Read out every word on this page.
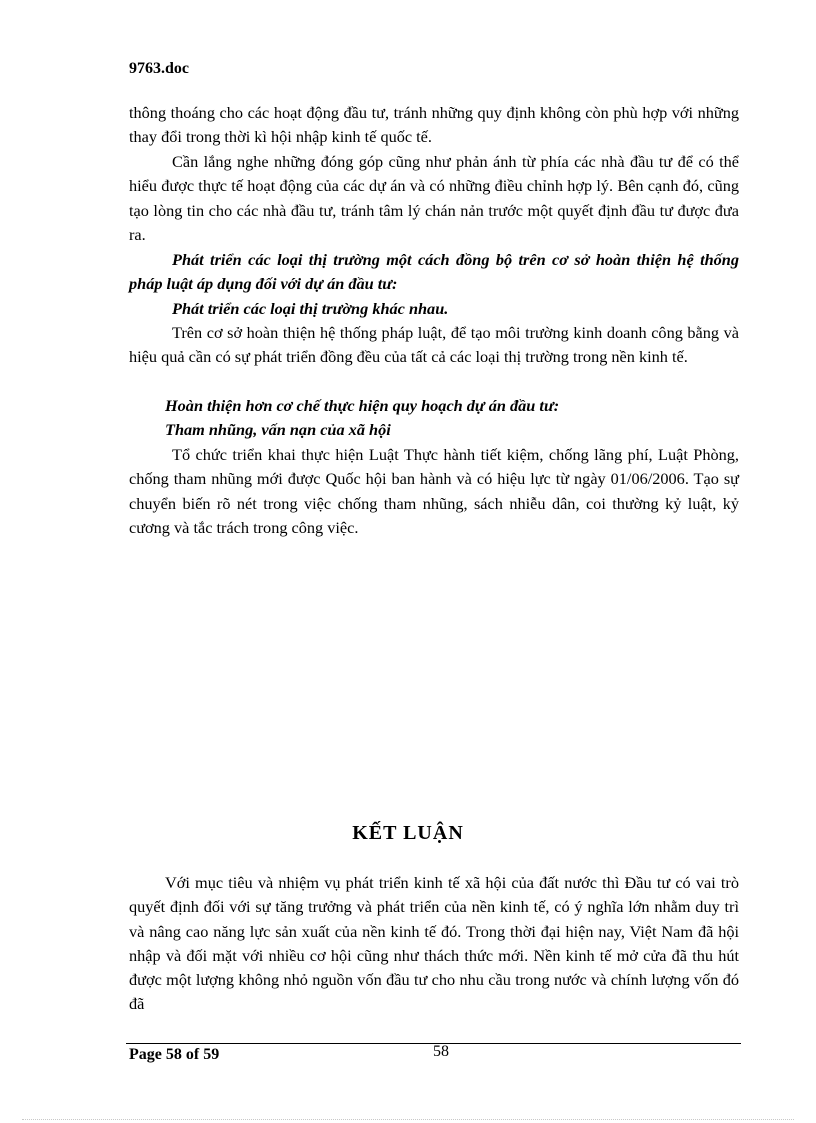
9763.doc

thông thoáng cho các hoạt động đầu tư, tránh những quy định không còn phù hợp với những thay đổi trong thời kì hội nhập kinh tế quốc tế.

Cần lắng nghe những đóng góp cũng như phản ánh từ phía các nhà đầu tư để có thể hiểu được thực tế hoạt động của các dự án và có những điều chỉnh hợp lý. Bên cạnh đó, cũng tạo lòng tin cho các nhà đầu tư, tránh tâm lý chán nản trước một quyết định đầu tư được đưa ra.

Phát triển các loại thị trường một cách đồng bộ trên cơ sở hoàn thiện hệ thống pháp luật áp dụng đối với dự án đầu tư:

Phát triển các loại thị trường khác nhau.

Trên cơ sở hoàn thiện hệ thống pháp luật, để tạo môi trường kinh doanh công bằng và hiệu quả cần có sự phát triển đồng đều của tất cả các loại thị trường trong nền kinh tế.

Hoàn thiện hơn cơ chế thực hiện quy hoạch dự án đầu tư:

Tham nhũng, vấn nạn của xã hội

Tổ chức triển khai thực hiện Luật Thực hành tiết kiệm, chống lãng phí, Luật Phòng, chống tham nhũng mới được Quốc hội ban hành và có hiệu lực từ ngày 01/06/2006. Tạo sự chuyển biến rõ nét trong việc chống tham nhũng, sách nhiễu dân, coi thường kỷ luật, kỷ cương và tắc trách trong công việc.

KẾT LUẬN

Với mục tiêu và nhiệm vụ phát triển kinh tế xã hội của đất nước thì Đầu tư có vai trò quyết định đối với sự tăng trưởng và phát triển của nền kinh tế, có ý nghĩa lớn nhằm duy trì và nâng cao năng lực sản xuất của nền kinh tế đó. Trong thời đại hiện nay, Việt Nam đã hội nhập và đối mặt với nhiều cơ hội cũng như thách thức mới. Nền kinh tế mở cửa đã thu hút được một lượng không nhỏ nguồn vốn đầu tư cho nhu cầu trong nước và chính lượng vốn đó đã

Page 58 of 59	58
